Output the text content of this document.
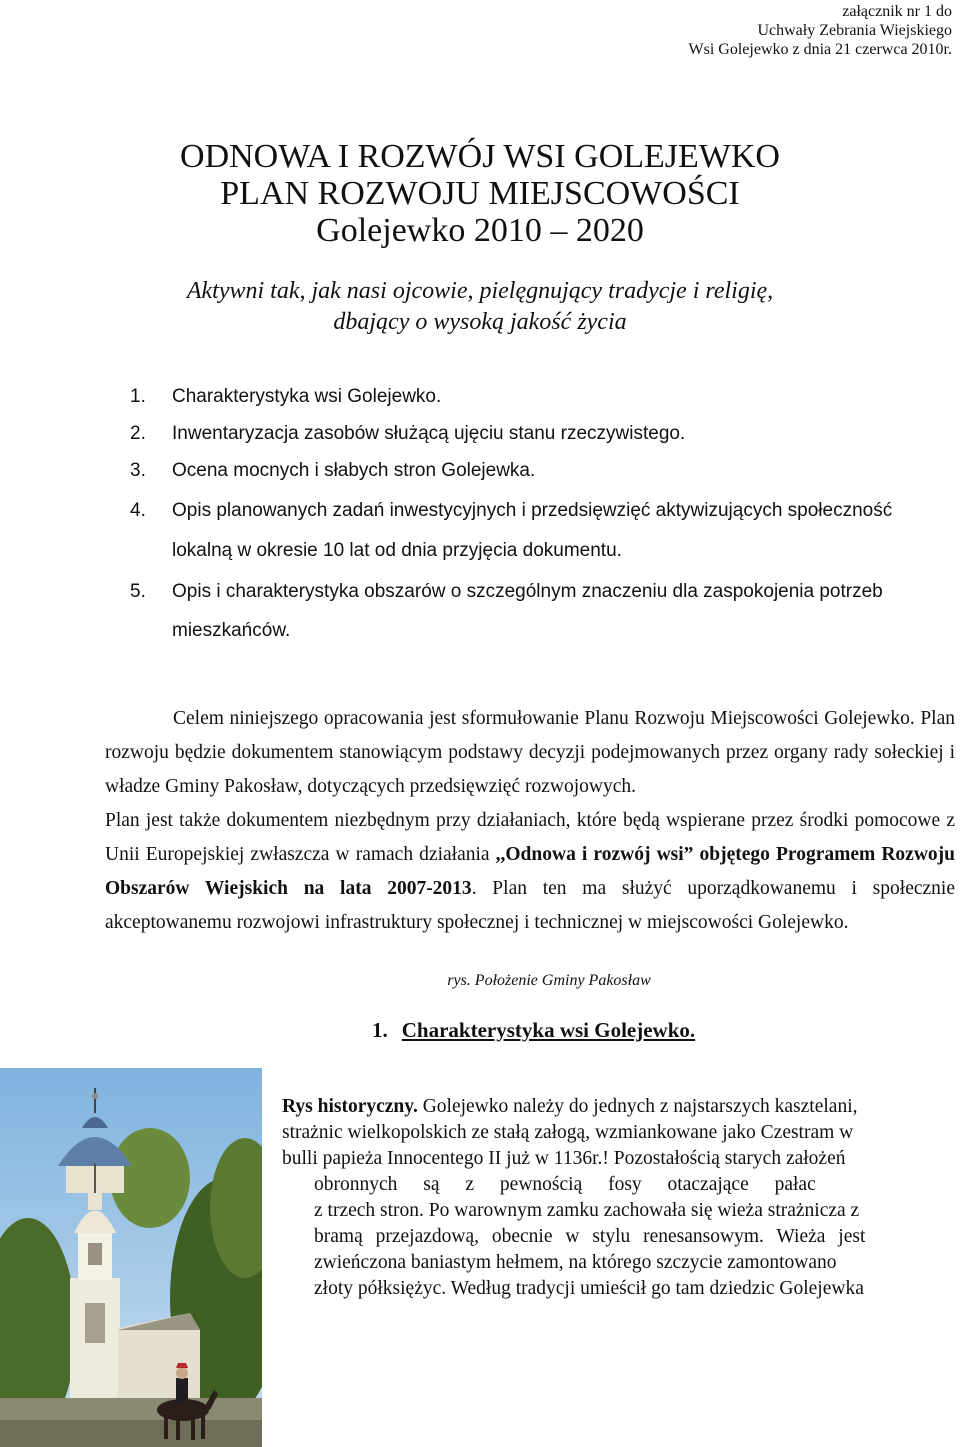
załącznik nr 1 do
Uchwały Zebrania Wiejskiego
Wsi Golejewko z dnia 21 czerwca 2010r.
ODNOWA I ROZWÓJ WSI GOLEJEWKO
PLAN ROZWOJU MIEJSCOWOŚCI
Golejewko 2010 – 2020
Aktywni tak, jak nasi ojcowie, pielęgnujący tradycje i religię,
dbający o wysoką jakość życia
1.	Charakterystyka wsi Golejewko.
2.	Inwentaryzacja zasobów służącą ujęciu stanu rzeczywistego.
3.	Ocena mocnych i słabych stron Golejewka.
4.	Opis planowanych zadań inwestycyjnych i przedsięwzięć aktywizujących społeczność
lokalną w okresie 10 lat od dnia przyjęcia dokumentu.
5.	Opis i charakterystyka obszarów o szczególnym znaczeniu dla zaspokojenia potrzeb
mieszkańców.

Celem niniejszego opracowania jest sformułowanie Planu Rozwoju Miejscowości Golejewko. Plan rozwoju będzie dokumentem stanowiącym podstawy decyzji podejmowanych przez organy rady sołeckiej i władze Gminy Pakosław, dotyczących przedsięwzięć rozwojowych.

Plan jest także dokumentem niezbędnym przy działaniach, które będą wspierane przez środki pomocowe z Unii Europejskiej zwłaszcza w ramach działania ,,Odnowa i rozwój wsi” objętego Programem Rozwoju Obszarów Wiejskich na lata 2007-2013. Plan ten ma służyć uporządkowanemu i społecznie akceptowanemu rozwojowi infrastruktury społecznej i technicznej w miejscowości Golejewko.

rys. Położenie Gminy Pakosław
1. Charakterystyka wsi Golejewko.
Rys historyczny. Golejewko należy do jednych z najstarszych kasztelani,
strażnic wielkopolskich ze stałą załogą, wzmiankowane jako Czestram w
bulli papieża Innocentego II już w 1136r.! Pozostałością starych założeń
obronnych są z pewnością fosy otaczające pałac
z trzech stron. Po warownym zamku zachowała się wieża strażnicza z
bramą przejazdową, obecnie w stylu renesansowym. Wieża jest
zwieńczona baniastym hełmem, na którego szczycie zamontowano
złoty półksiężyc. Według tradycji umieścił go tam dziedzic Golejewka
